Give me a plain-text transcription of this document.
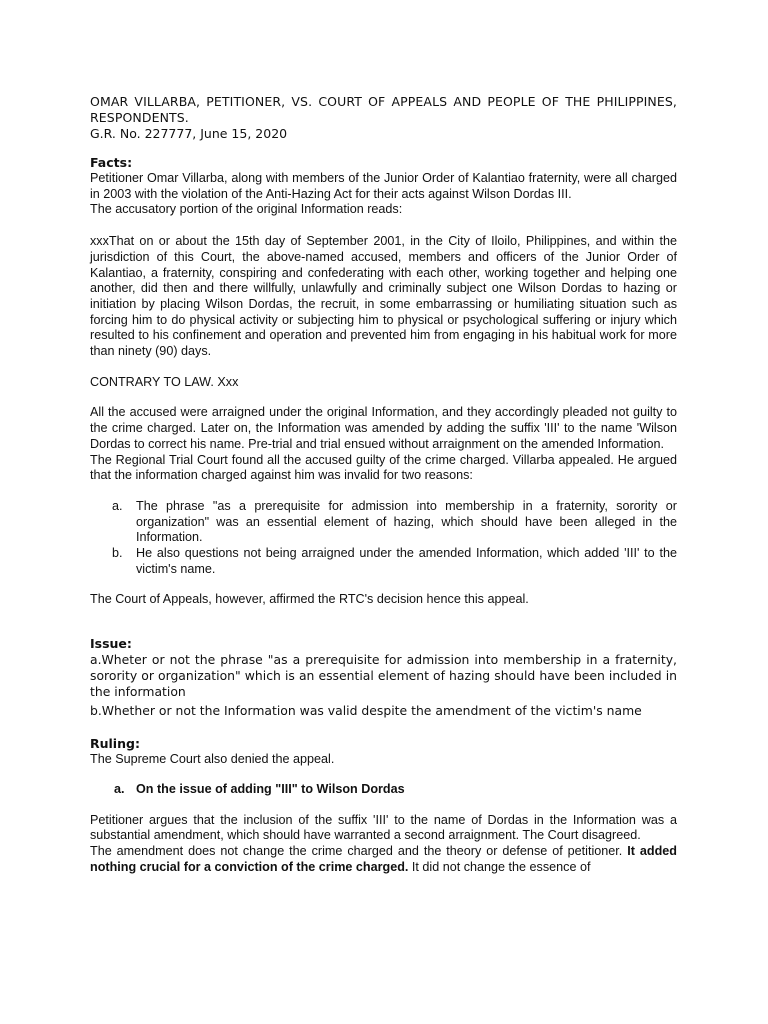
OMAR VILLARBA, PETITIONER, VS. COURT OF APPEALS AND PEOPLE OF THE PHILIPPINES, RESPONDENTS.
G.R. No. 227777, June 15, 2020
Facts:

Petitioner Omar Villarba, along with members of the Junior Order of Kalantiao fraternity, were all charged in 2003 with the violation of the Anti-Hazing Act for their acts against Wilson Dordas III.

The accusatory portion of the original Information reads:

xxxThat on or about the 15th day of September 2001, in the City of Iloilo, Philippines, and within the jurisdiction of this Court, the above-named accused, members and officers of the Junior Order of Kalantiao, a fraternity, conspiring and confederating with each other, working together and helping one another, did then and there willfully, unlawfully and criminally subject one Wilson Dordas to hazing or initiation by placing Wilson Dordas, the recruit, in some embarrassing or humiliating situation such as forcing him to do physical activity or subjecting him to physical or psychological suffering or injury which resulted to his confinement and operation and prevented him from engaging in his habitual work for more than ninety (90) days.

CONTRARY TO LAW. Xxx

All the accused were arraigned under the original Information, and they accordingly pleaded not guilty to the crime charged. Later on, the Information was amended by adding the suffix 'III' to the name 'Wilson Dordas to correct his name. Pre-trial and trial ensued without arraignment on the amended Information.

The Regional Trial Court found all the accused guilty of the crime charged. Villarba appealed. He argued that the information charged against him was invalid for two reasons:

a. The phrase "as a prerequisite for admission into membership in a fraternity, sorority or organization" was an essential element of hazing, which should have been alleged in the Information.
b. He also questions not being arraigned under the amended Information, which added 'III' to the victim's name.

The Court of Appeals, however, affirmed the RTC's decision hence this appeal.

Issue:

a.Wheter or not the phrase "as a prerequisite for admission into membership in a fraternity, sorority or organization" which is an essential element of hazing should have been included in the information

b.Whether or not the Information was valid despite the amendment of the victim's name

Ruling:

The Supreme Court also denied the appeal.

a. On the issue of adding "III" to Wilson Dordas

Petitioner argues that the inclusion of the suffix 'III' to the name of Dordas in the Information was a substantial amendment, which should have warranted a second arraignment. The Court disagreed.

The amendment does not change the crime charged and the theory or defense of petitioner. It added nothing crucial for a conviction of the crime charged. It did not change the essence of
